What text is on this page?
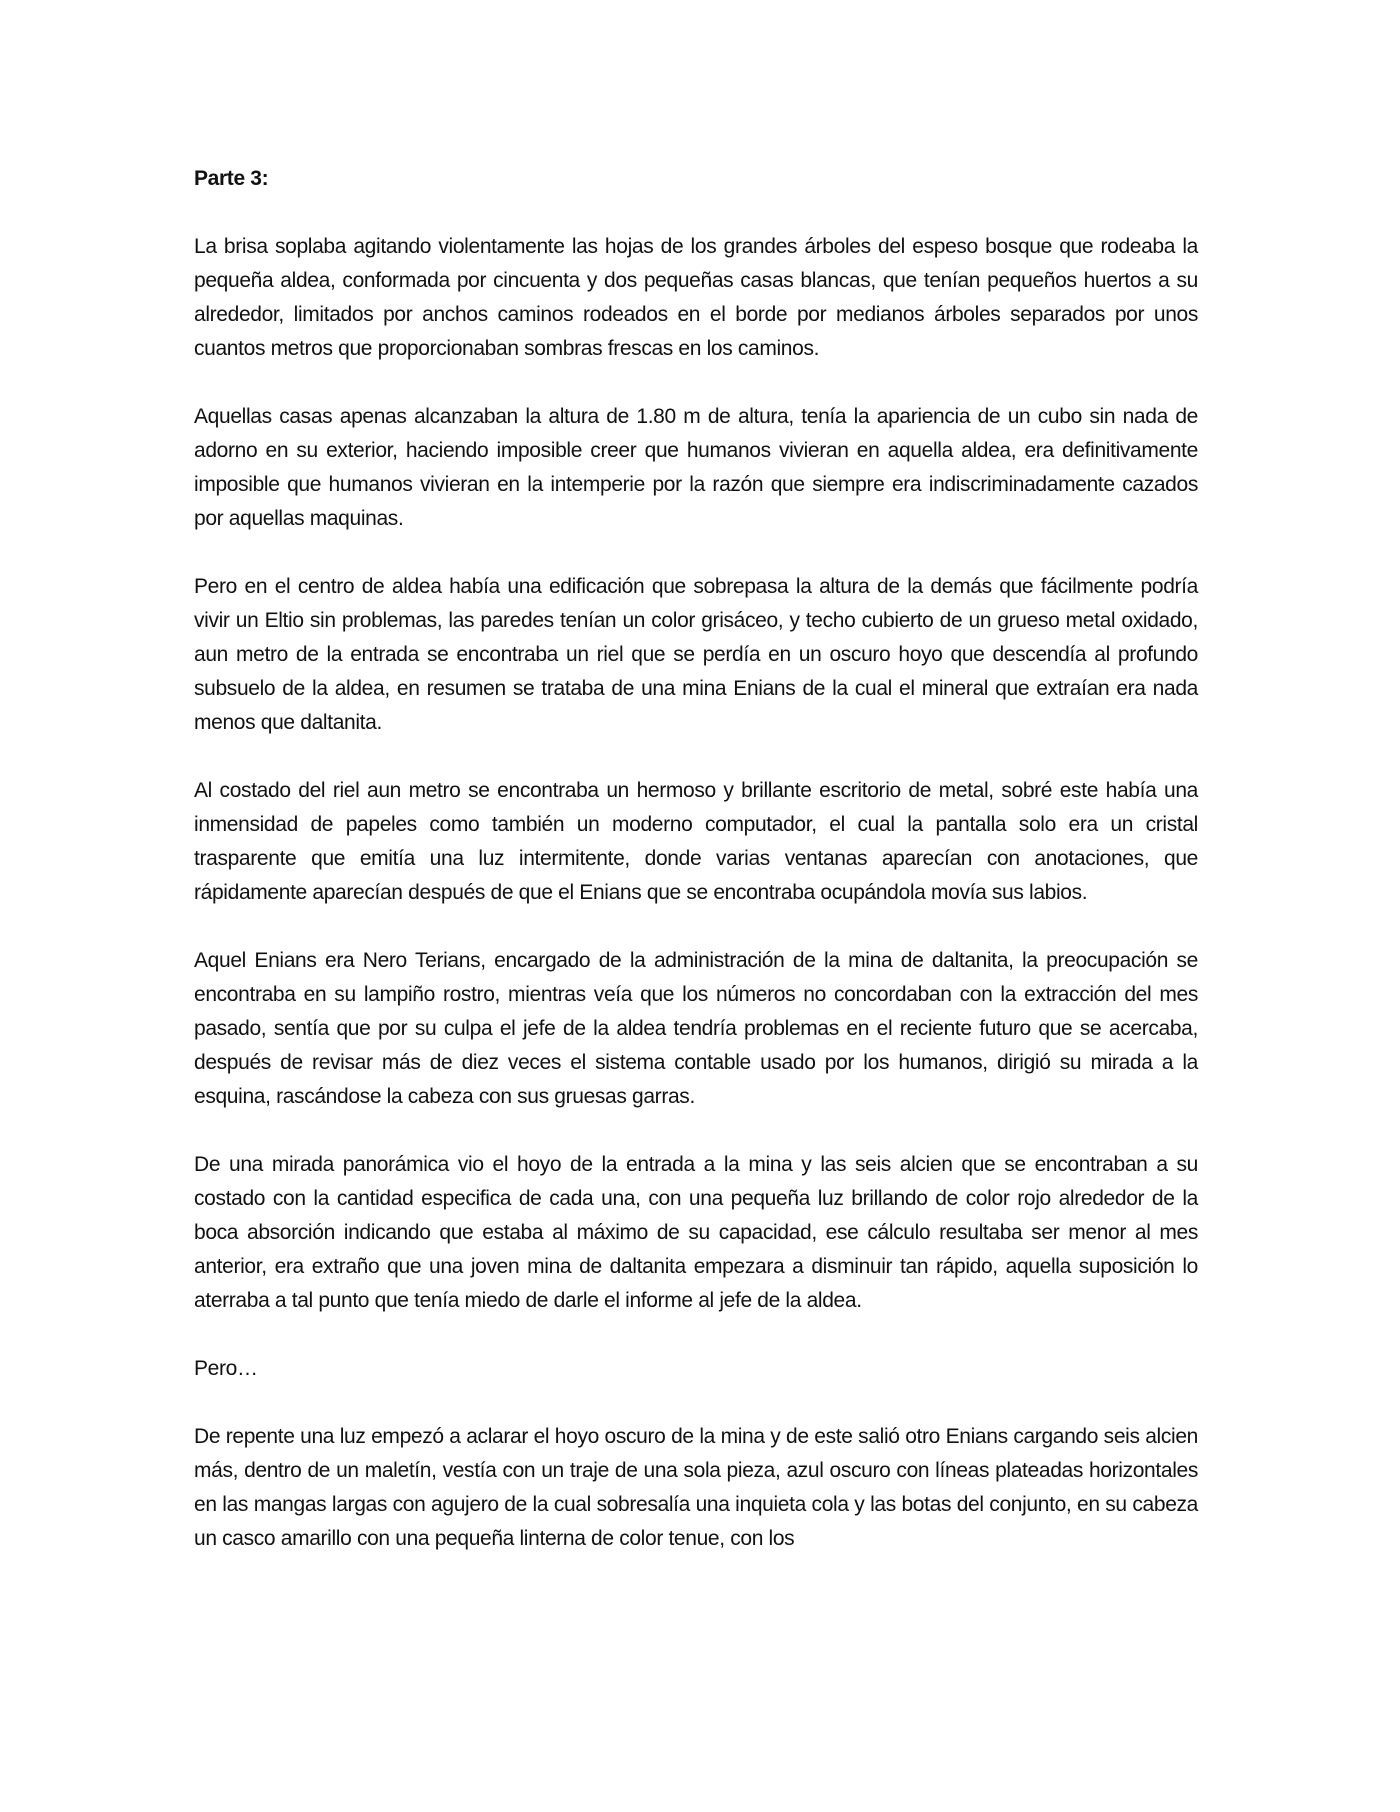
Parte 3:

La brisa soplaba agitando violentamente las hojas de los grandes árboles del espeso bosque que rodeaba la pequeña aldea, conformada por cincuenta y dos pequeñas casas blancas, que tenían pequeños huertos a su alrededor, limitados por anchos caminos rodeados en el borde por medianos árboles separados por unos cuantos metros que proporcionaban sombras frescas en los caminos.

Aquellas casas apenas alcanzaban la altura de 1.80 m de altura, tenía la apariencia de un cubo sin nada de adorno en su exterior, haciendo imposible creer que humanos vivieran en aquella aldea, era definitivamente imposible que humanos vivieran en la intemperie por la razón que siempre era indiscriminadamente cazados por aquellas maquinas.

Pero en el centro de aldea había una edificación que sobrepasa la altura de la demás que fácilmente podría vivir un Eltio sin problemas, las paredes tenían un color grisáceo, y techo cubierto de un grueso metal oxidado, aun metro de la entrada se encontraba un riel que se perdía en un oscuro hoyo que descendía al profundo subsuelo de la aldea, en resumen se trataba de una mina Enians de la cual el mineral que extraían era nada menos que daltanita.

Al costado del riel aun metro se encontraba un hermoso y brillante escritorio de metal, sobré este había una inmensidad de papeles como también un moderno computador, el cual la pantalla solo era un cristal trasparente que emitía una luz intermitente, donde varias ventanas aparecían con anotaciones, que rápidamente aparecían después de que el Enians que se encontraba ocupándola movía sus labios.

Aquel Enians era Nero Terians, encargado de la administración de la mina de daltanita, la preocupación se encontraba en su lampiño rostro, mientras veía que los números no concordaban con la extracción del mes pasado, sentía que por su culpa el jefe de la aldea tendría problemas en el reciente futuro que se acercaba, después de revisar más de diez veces el sistema contable usado por los humanos, dirigió su mirada a la esquina, rascándose la cabeza con sus gruesas garras.

De una mirada panorámica vio el hoyo de la entrada a la mina y las seis alcien que se encontraban a su costado con la cantidad especifica de cada una, con una pequeña luz brillando de color rojo alrededor de la boca absorción indicando que estaba al máximo de su capacidad, ese cálculo resultaba ser menor al mes anterior, era extraño que una joven mina de daltanita empezara a disminuir tan rápido, aquella suposición lo aterraba a tal punto que tenía miedo de darle el informe al jefe de la aldea.

Pero…

De repente una luz empezó a aclarar el hoyo oscuro de la mina y de este salió otro Enians cargando seis alcien más, dentro de un maletín, vestía con un traje de una sola pieza, azul oscuro con líneas plateadas horizontales en las mangas largas con agujero de la cual sobresalía una inquieta cola y las botas del conjunto, en su cabeza un casco amarillo con una pequeña linterna de color tenue, con los
